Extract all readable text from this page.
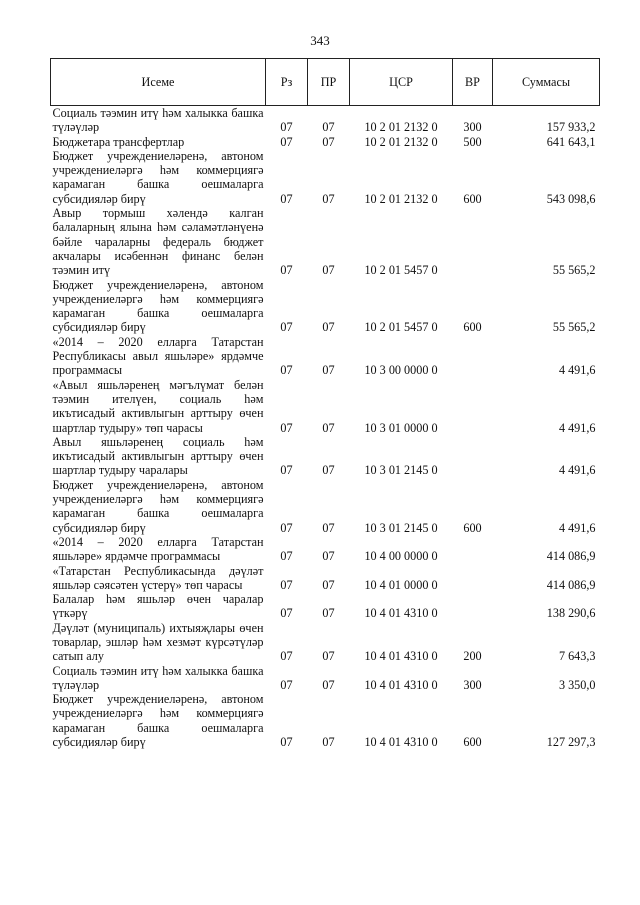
343
Исеме	Рз	ПР	ЦСР	ВР	Суммасы
Социаль тәэмин итү һәм халыкка башка түләүләр	07	07	10 2 01 2132 0	300	157 933,2
Бюджетара трансфертлар	07	07	10 2 01 2132 0	500	641 643,1
Бюджет учреждениеләренә, автоном учреждениеләргә һәм коммерциягә карамаган башка оешмаларга субсидияләр бирү	07	07	10 2 01 2132 0	600	543 098,6
Авыр тормыш хәлендә калган балаларның ялына һәм сәламәтләнүенә бәйле чараларны федераль бюджет акчалары исәбеннән финанс белән тәэмин итү	07	07	10 2 01 5457 0		55 565,2
Бюджет учреждениеләренә, автоном учреждениеләргә һәм коммерциягә карамаган башка оешмаларга субсидияләр бирү	07	07	10 2 01 5457 0	600	55 565,2
«2014 – 2020 елларга Татарстан Республикасы авыл яшьләре» ярдәмче программасы	07	07	10 3 00 0000 0		4 491,6
«Авыл яшьләренең мәгълүмат белән тәэмин ителүен, социаль һәм икътисадый активлыгын арттыру өчен шартлар тудыру» төп чарасы	07	07	10 3 01 0000 0		4 491,6
Авыл яшьләренең социаль һәм икътисадый активлыгын арттыру өчен шартлар тудыру чаралары	07	07	10 3 01 2145 0		4 491,6
Бюджет учреждениеләренә, автоном учреждениеләргә һәм коммерциягә карамаган башка оешмаларга субсидияләр бирү	07	07	10 3 01 2145 0	600	4 491,6
«2014 – 2020 елларга Татарстан яшьләре» ярдәмче программасы	07	07	10 4 00 0000 0		414 086,9
«Татарстан Республикасында дәүләт яшьләр сәясәтен үстерү» төп чарасы	07	07	10 4 01 0000 0		414 086,9
Балалар һәм яшьләр өчен чаралар үткәрү	07	07	10 4 01 4310 0		138 290,6
Дәүләт (муниципаль) ихтыяҗлары өчен товарлар, эшләр һәм хезмәт күрсәтүләр сатып алу	07	07	10 4 01 4310 0	200	7 643,3
Социаль тәэмин итү һәм халыкка башка түләүләр	07	07	10 4 01 4310 0	300	3 350,0
Бюджет учреждениеләренә, автоном учреждениеләргә һәм коммерциягә карамаган башка оешмаларга субсидияләр бирү	07	07	10 4 01 4310 0	600	127 297,3
